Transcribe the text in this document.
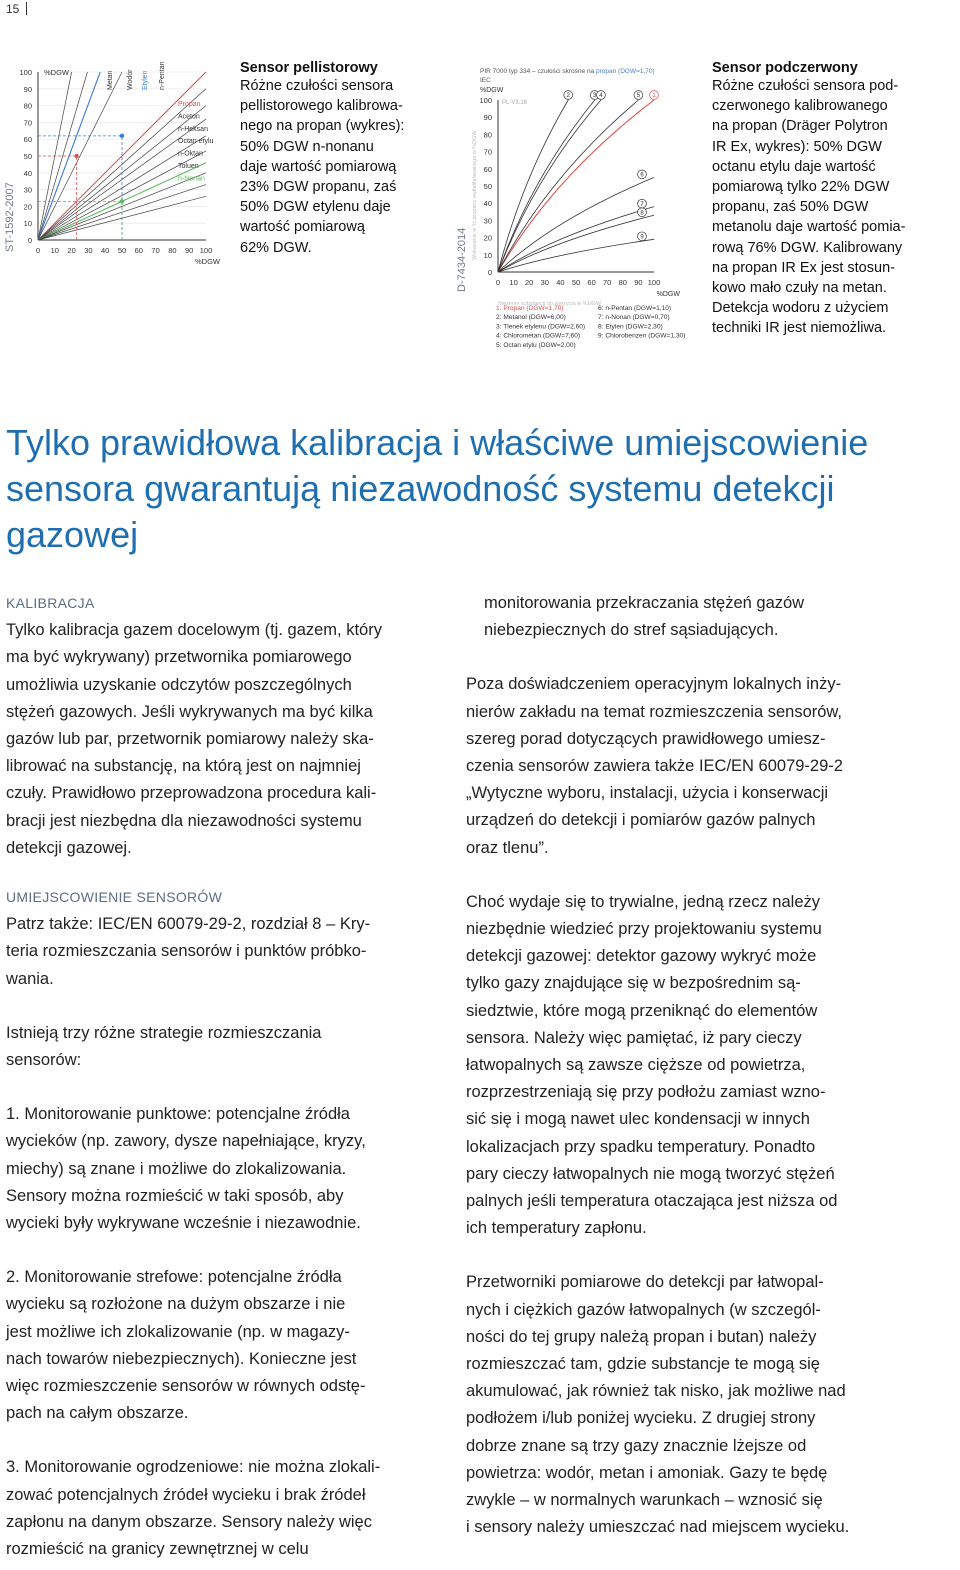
15
ST-1592-2007 0
10
20
30
40
50
60
70
80
90
100
0 10 20 30 40 50 60 70 80 90 100
%DGW
%DGW
Metan Wodór Etylen n-Pentan
Propan
Aceton
n-Heksan
Octan etylu
n-Oktan
Toluen
n-Nonan
Sensor pellistorowy
Różne czułości sensora
pellistorowego kalibrowa-
nego na propan (wykres):
50% DGW n-nonanu
daje wartość pomiarową
23% DGW propanu, zaś
50% DGW etylenu daje
wartość pomiarową
62% DGW.	D-7434-2014
PIR 7000 typ 334 – czułości skrośne na propan (DGW=1,70)
IEC
%DGW
PL-V3.16
Wskazanie w % propanu wykalibrowanego w %DGW
0
10
20
30
40
50
60
70
80
90
100
0 10 20 30 40 50 60 70 80 90 100
%DGW
Stężenie substancji do wykrycia w %DGW
1
2	3 4	5
6
7
8
9
1: Propan (DGW=1,70)
2: Metanol (DGW=6,00)
3: Tlenek etylenu (DGW=2,60)
4: Chlorometan (DGW=7,60)
5: Octan etylu (DGW=2,00)
6: n-Pentan (DGW=1,10)
7: n-Nonan (DGW=0,70)
8: Etylen (DGW=2,30)
9: Chlorobenzen (DGW=1,30)
Sensor podczerwony
Różne czułości sensora pod-
czerwonego kalibrowanego
na propan (Dräger Polytron
IR Ex, wykres): 50% DGW
octanu etylu daje wartość
pomiarową tylko 22% DGW
propanu, zaś 50% DGW
metanolu daje wartość pomia-
rową 76% DGW. Kalibrowany
na propan IR Ex jest stosun-
kowo mało czuły na metan.
Detekcja wodoru z użyciem
techniki IR jest niemożliwa.
Tylko prawidłowa kalibracja i właściwe umiejscowienie sensora gwarantują niezawodność systemu detekcji gazowej
KALIBRACJA

Tylko kalibracja gazem docelowym (tj. gazem, który
ma być wykrywany) przetwornika pomiarowego
umożliwia uzyskanie odczytów poszczególnych
stężeń gazowych. Jeśli wykrywanych ma być kilka
gazów lub par, przetwornik pomiarowy należy ska-
librować na substancję, na którą jest on najmniej
czuły. Prawidłowo przeprowadzona procedura kali-
bracji jest niezbędna dla niezawodności systemu
detekcji gazowej.

UMIEJSCOWIENIE SENSORÓW

Patrz także: IEC/EN 60079-29-2, rozdział 8 – Kry-
teria rozmieszczania sensorów i punktów próbko-
wania.

Istnieją trzy różne strategie rozmieszczania
sensorów:

1. Monitorowanie punktowe: potencjalne źródła
wycieków (np. zawory, dysze napełniające, kryzy,
miechy) są znane i możliwe do zlokalizowania.
Sensory można rozmieścić w taki sposób, aby
wycieki były wykrywane wcześnie i niezawodnie.

2. Monitorowanie strefowe: potencjalne źródła
wycieku są rozłożone na dużym obszarze i nie
jest możliwe ich zlokalizowanie (np. w magazy-
nach towarów niebezpiecznych). Konieczne jest
więc rozmieszczenie sensorów w równych odstę-
pach na całym obszarze.

3. Monitorowanie ogrodzeniowe: nie można zlokali-
zować potencjalnych źródeł wycieku i brak źródeł
zapłonu na danym obszarze. Sensory należy więc
rozmieścić na granicy zewnętrznej w celu

monitorowania przekraczania stężeń gazów
niebezpiecznych do stref sąsiadujących.

Poza doświadczeniem operacyjnym lokalnych inży-
nierów zakładu na temat rozmieszczenia sensorów,
szereg porad dotyczących prawidłowego umiesz-
czenia sensorów zawiera także IEC/EN 60079-29-2
„Wytyczne wyboru, instalacji, użycia i konserwacji
urządzeń do detekcji i pomiarów gazów palnych
oraz tlenu”.

Choć wydaje się to trywialne, jedną rzecz należy
niezbędnie wiedzieć przy projektowaniu systemu
detekcji gazowej: detektor gazowy wykryć może
tylko gazy znajdujące się w bezpośrednim są-
siedztwie, które mogą przeniknąć do elementów
sensora. Należy więc pamiętać, iż pary cieczy
łatwopalnych są zawsze cięższe od powietrza,
rozprzestrzeniają się przy podłożu zamiast wzno-
sić się i mogą nawet ulec kondensacji w innych
lokalizacjach przy spadku temperatury. Ponadto
pary cieczy łatwopalnych nie mogą tworzyć stężeń
palnych jeśli temperatura otaczająca jest niższa od
ich temperatury zapłonu.

Przetworniki pomiarowe do detekcji par łatwopal-
nych i ciężkich gazów łatwopalnych (w szczegól-
ności do tej grupy należą propan i butan) należy
rozmieszczać tam, gdzie substancje te mogą się
akumulować, jak również tak nisko, jak możliwe nad
podłożem i/lub poniżej wycieku. Z drugiej strony
dobrze znane są trzy gazy znacznie lżejsze od
powietrza: wodór, metan i amoniak. Gazy te będę
zwykle – w normalnych warunkach – wznosić się
i sensory należy umieszczać nad miejscem wycieku.
